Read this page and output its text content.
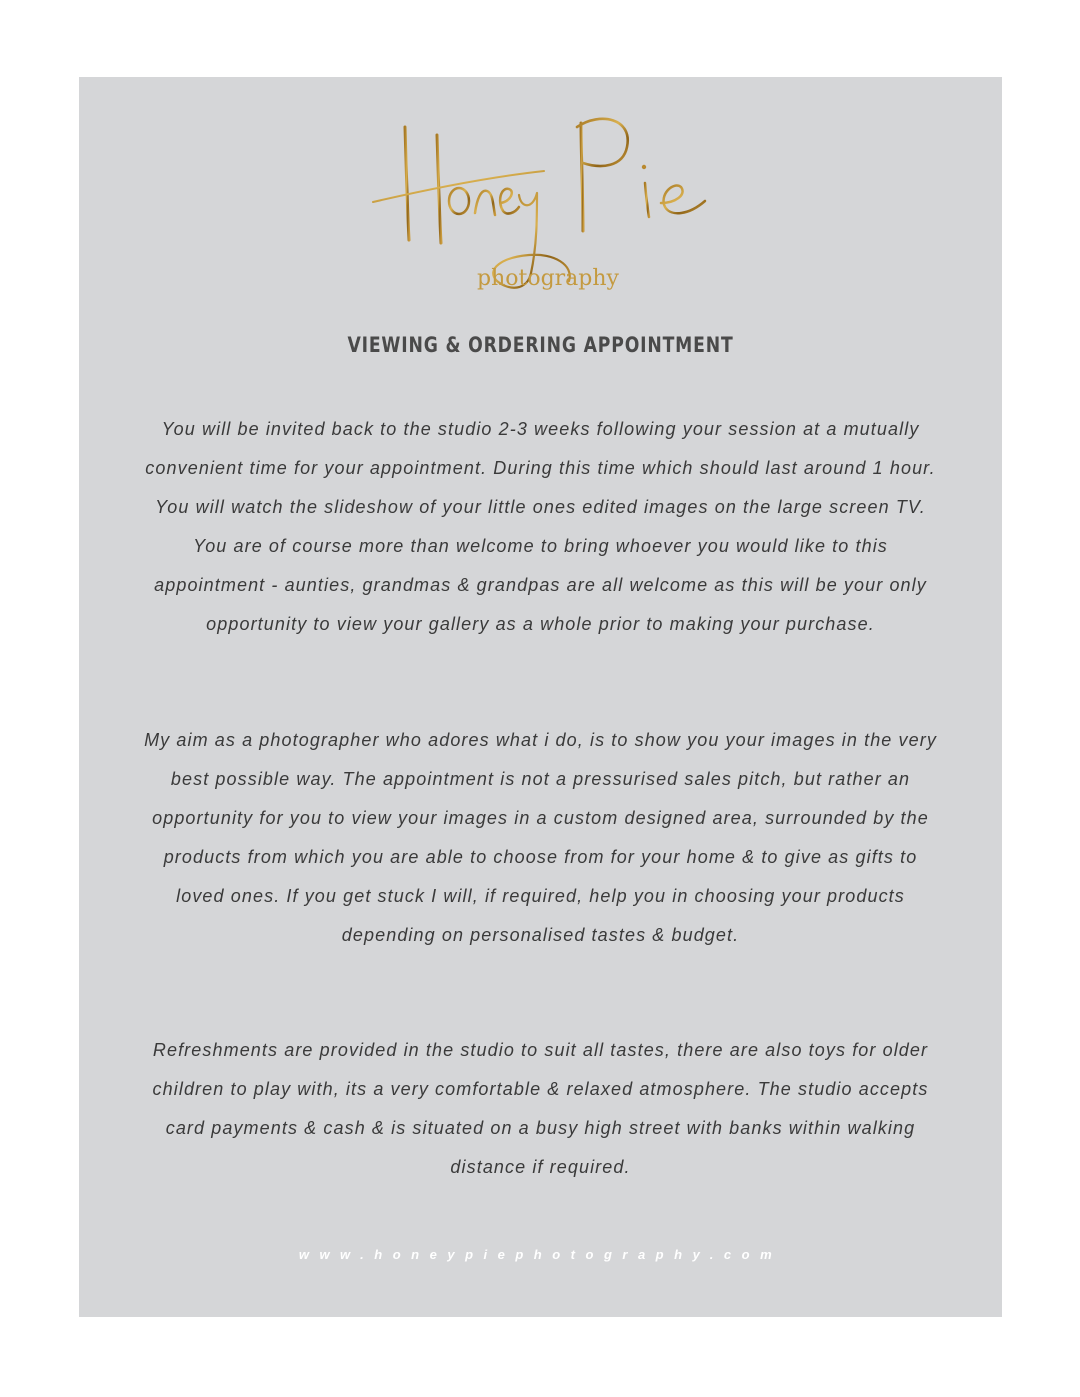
photography
VIEWING & ORDERING APPOINTMENT

You will be invited back to the studio 2-3 weeks following your session at a mutually convenient time for your appointment. During this time which should last around 1 hour. You will watch the slideshow of your little ones edited images on the large screen TV. You are of course more than welcome to bring whoever you would like to this appointment - aunties, grandmas & grandpas are all welcome as this will be your only opportunity to view your gallery as a whole prior to making your purchase.

My aim as a photographer who adores what i do, is to show you your images in the very best possible way. The appointment is not a pressurised sales pitch, but rather an opportunity for you to view your images in a custom designed area, surrounded by the products from which you are able to choose from for your home & to give as gifts to loved ones. If you get stuck I will, if required, help you in choosing your products depending on personalised tastes & budget.

Refreshments are provided in the studio to suit all tastes, there are also toys for older children to play with, its a very comfortable & relaxed atmosphere. The studio accepts card payments & cash & is situated on a busy high street with banks within walking distance if required.

www.honeypiephotography.com
